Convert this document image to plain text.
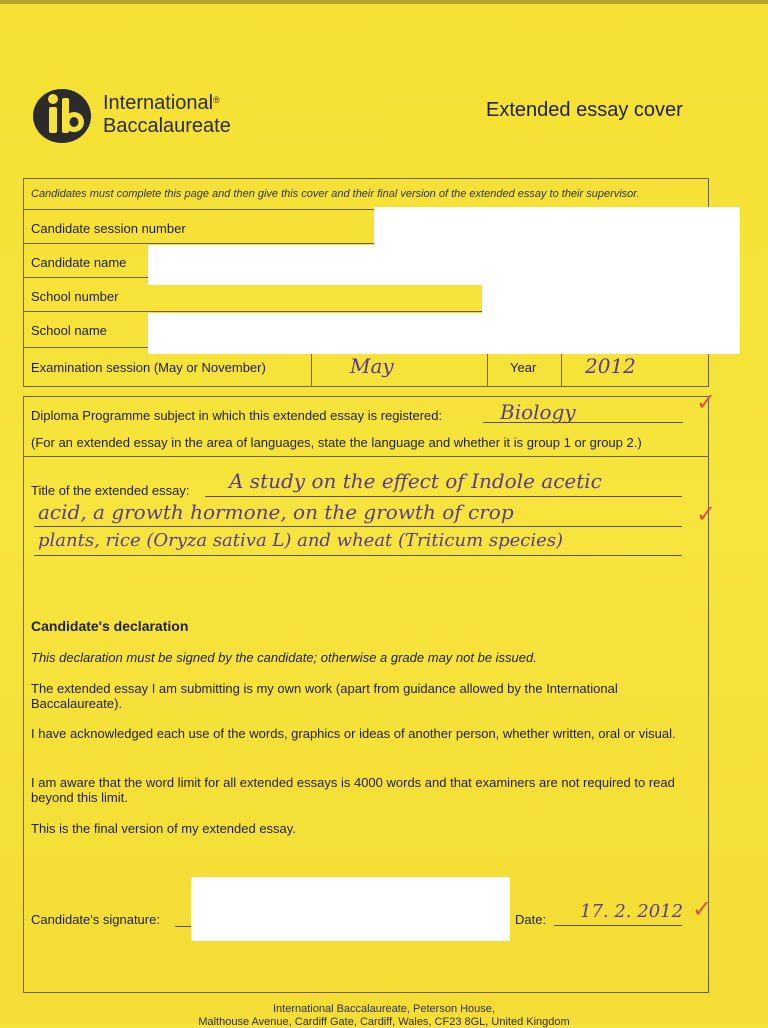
International®
Baccalaureate
Extended essay cover
Candidates must complete this page and then give this cover and their final version of the extended essay to their supervisor.
Candidate session number
Candidate name
School number
School name
Examination session (May or November)	May	Year 2012
Diploma Programme subject in which this extended essay is registered:	Biology
(For an extended essay in the area of languages, state the language and whether it is group 1 or group 2.)
Title of the extended essay: A study on the effect of Indole acetic
acid, a growth hormone, on the growth of crop
plants, rice (Oryza sativa L) and wheat (Triticum species)
Candidate's declaration
This declaration must be signed by the candidate; otherwise a grade may not be issued.
The extended essay I am submitting is my own work (apart from guidance allowed by the International Baccalaureate).
I have acknowledged each use of the words, graphics or ideas of another person, whether written, oral or visual.
I am aware that the word limit for all extended essays is 4000 words and that examiners are not required to read beyond this limit.
This is the final version of my extended essay.
Candidate's signature:	Date: 17. 2. 2012
✓
✓
✓
International Baccalaureate, Peterson House,
Malthouse Avenue, Cardiff Gate, Cardiff, Wales, CF23 8GL, United Kingdom
